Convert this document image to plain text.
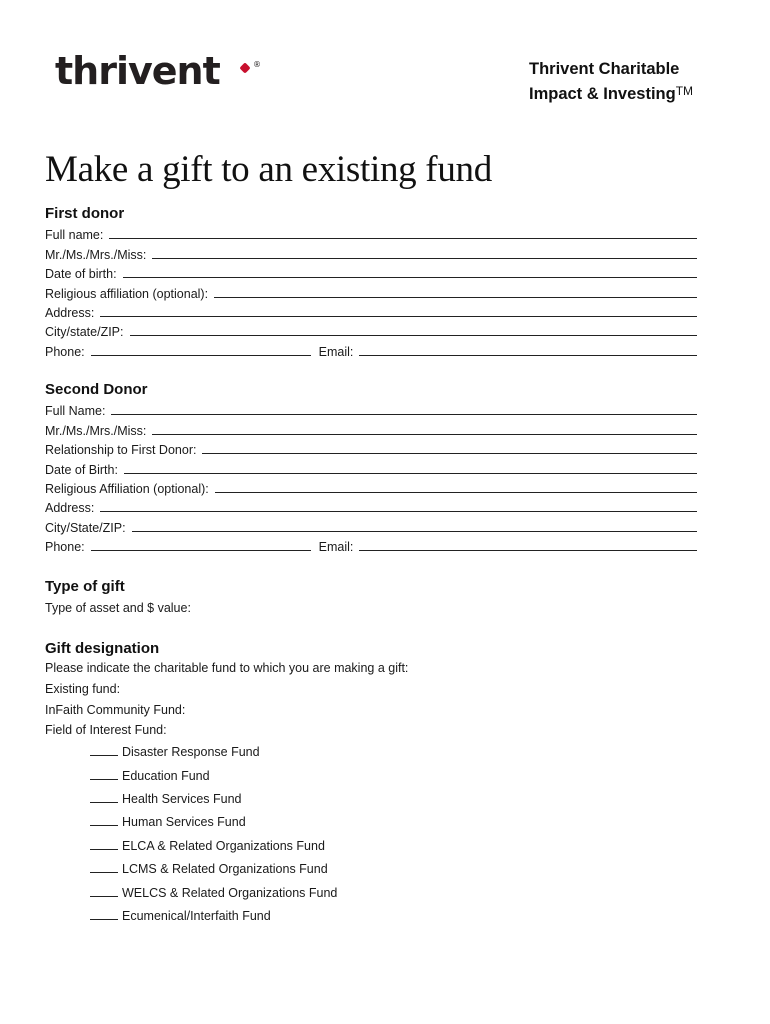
thrivent	®	Thrivent Charitable
Impact & Investing™
Make a gift to an existing fund
First donor
Full name:
Mr./Ms./Mrs./Miss:
Date of birth:
Religious affiliation (optional):
Address:
City/state/ZIP:
Phone:	Email:
Second Donor
Full Name:
Mr./Ms./Mrs./Miss:
Relationship to First Donor:
Date of Birth:
Religious Affiliation (optional):
Address:
City/State/ZIP:
Phone:	Email:
Type of gift
Type of asset and $ value:
Gift designation
Please indicate the charitable fund to which you are making a gift:
Existing fund:
InFaith Community Fund:
Field of Interest Fund:
Disaster Response Fund
Education Fund
Health Services Fund
Human Services Fund
ELCA & Related Organizations Fund
LCMS & Related Organizations Fund
WELCS & Related Organizations Fund
Ecumenical/Interfaith Fund
